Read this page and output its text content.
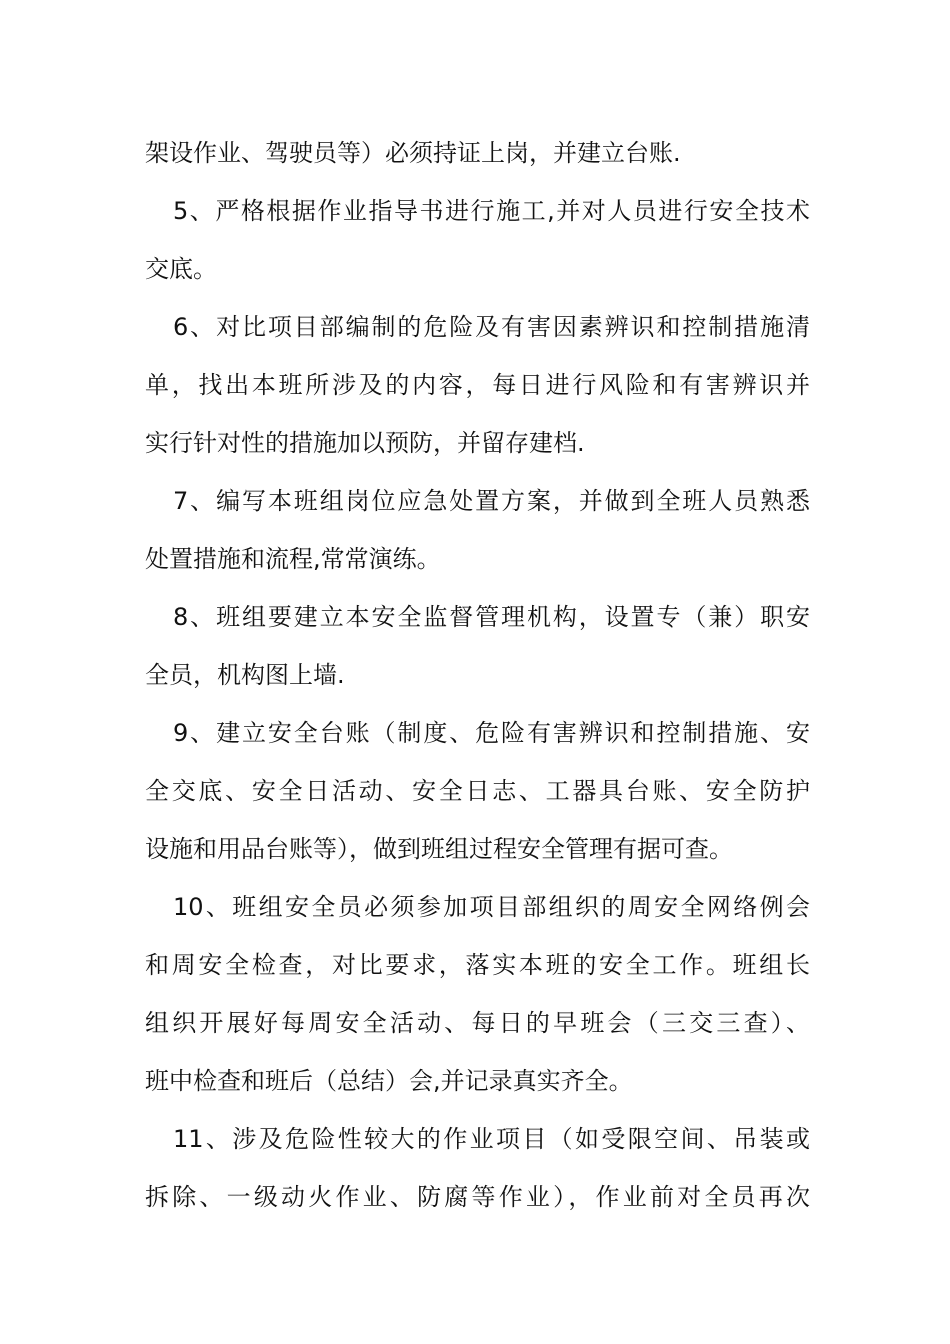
架设作业、驾驶员等）必须持证上岗，并建立台账.
5、严格根据作业指导书进行施工,并对人员进行安全技术
交底。
6、对比项目部编制的危险及有害因素辨识和控制措施清
单，找出本班所涉及的内容，每日进行风险和有害辨识并
实行针对性的措施加以预防，并留存建档.
7、编写本班组岗位应急处置方案，并做到全班人员熟悉
处置措施和流程,常常演练。
8、班组要建立本安全监督管理机构，设置专（兼）职安
全员，机构图上墙.
9、建立安全台账（制度、危险有害辨识和控制措施、安
全交底、安全日活动、安全日志、工器具台账、安全防护
设施和用品台账等），做到班组过程安全管理有据可查。
10、班组安全员必须参加项目部组织的周安全网络例会
和周安全检查，对比要求，落实本班的安全工作。班组长
组织开展好每周安全活动、每日的早班会（三交三查）、
班中检查和班后（总结）会,并记录真实齐全。
11、涉及危险性较大的作业项目（如受限空间、吊装或
拆除、一级动火作业、防腐等作业），作业前对全员再次
